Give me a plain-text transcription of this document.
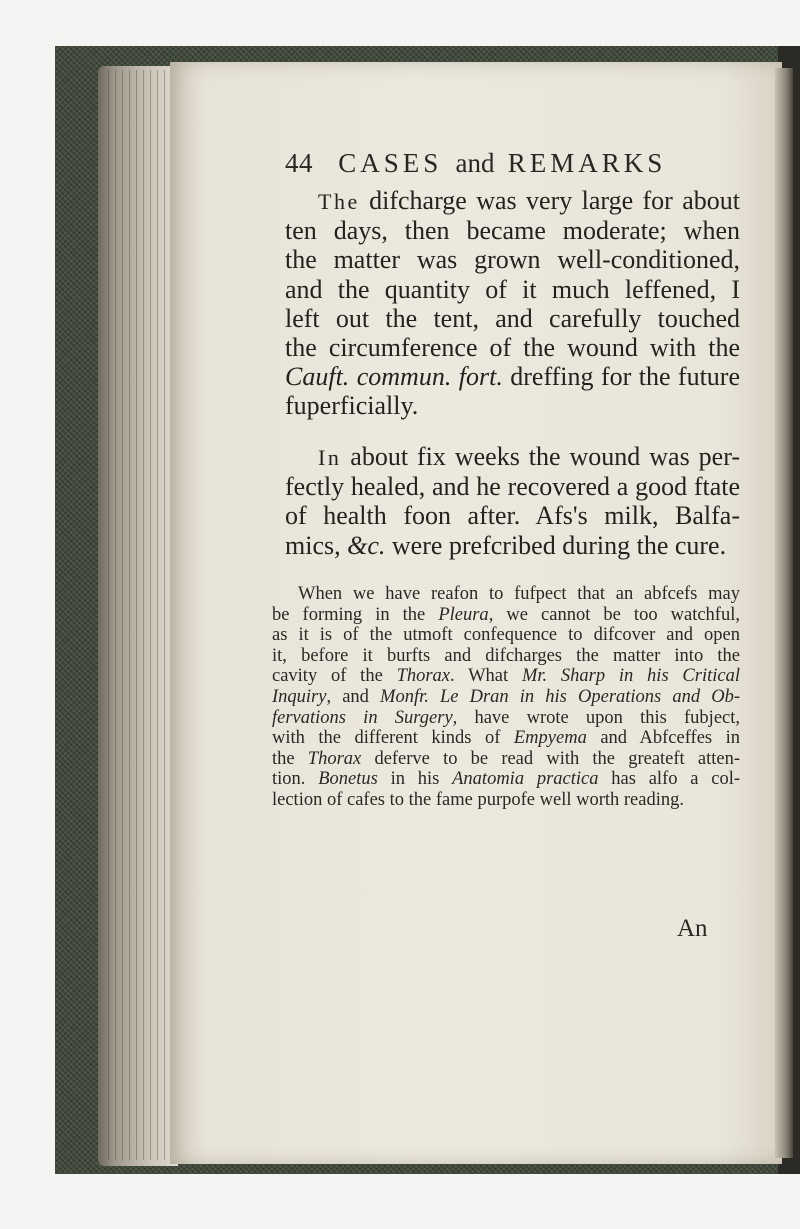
44 CASES and REMARKS
The difcharge was very large for about
ten days, then became moderate; when
the matter was grown well-conditioned,
and the quantity of it much leffened, I
left out the tent, and carefully touched
the circumference of the wound with the
Cauft. commun. fort. dreffing for the future
fuperficially.
In about fix weeks the wound was per-
fectly healed, and he recovered a good ftate
of health foon after. Afs's milk, Balfa-
mics, &c. were prefcribed during the cure.
When we have reafon to fufpect that an abfcefs may
be forming in the Pleura, we cannot be too watchful,
as it is of the utmoft confequence to difcover and open
it, before it burfts and difcharges the matter into the
cavity of the Thorax. What Mr. Sharp in his Critical
Inquiry, and Monfr. Le Dran in his Operations and Ob-
fervations in Surgery, have wrote upon this fubject,
with the different kinds of Empyema and Abfceffes in
the Thorax deferve to be read with the greateft atten-
tion. Bonetus in his Anatomia practica has alfo a col-
lection of cafes to the fame purpofe well worth reading.
An
